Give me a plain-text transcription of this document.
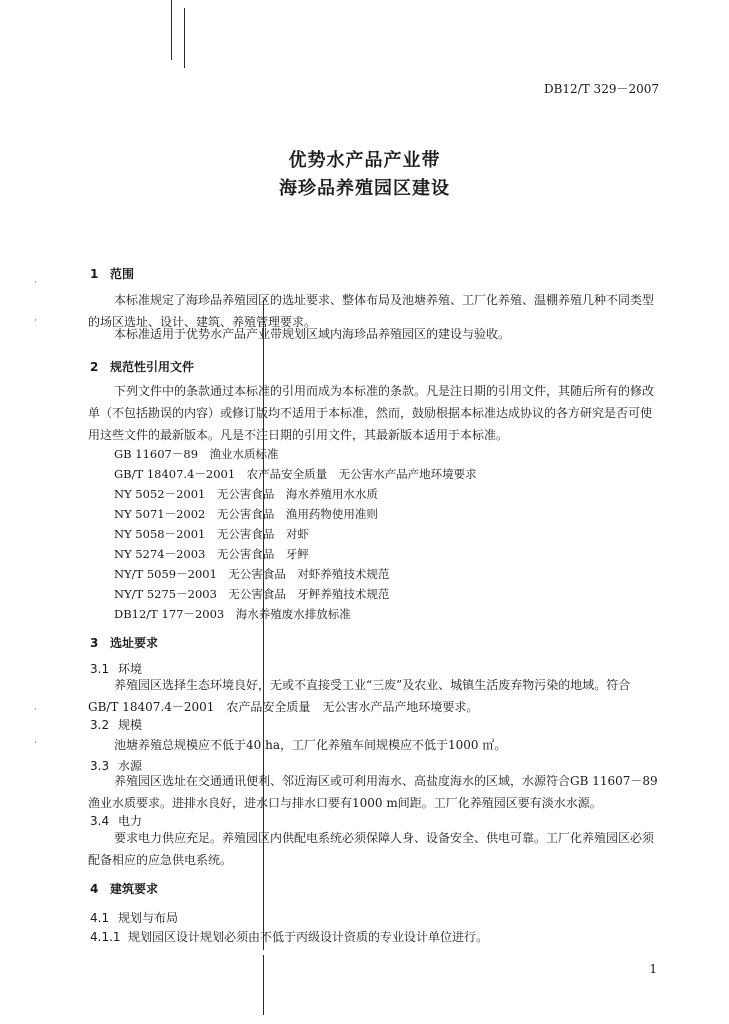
·
·
·
·
DB12/T 329－2007
优势水产品产业带
海珍品养殖园区建设
1 范围
本标准规定了海珍品养殖园区的选址要求、整体布局及池塘养殖、工厂化养殖、温棚养殖几种不同类型的场区选址、设计、建筑、养殖管理要求。
本标准适用于优势水产品产业带规划区域内海珍品养殖园区的建设与验收。
2 规范性引用文件
下列文件中的条款通过本标准的引用而成为本标准的条款。凡是注日期的引用文件，其随后所有的修改单（不包括勘误的内容）或修订版均不适用于本标准，然而，鼓励根据本标准达成协议的各方研究是否可使用这些文件的最新版本。凡是不注日期的引用文件，其最新版本适用于本标准。
GB 11607－89　渔业水质标准
GB/T 18407.4－2001　农产品安全质量　无公害水产品产地环境要求
NY 5052－2001　无公害食品　海水养殖用水水质
NY 5071－2002　无公害食品　渔用药物使用准则
NY 5058－2001　无公害食品　对虾
NY 5274－2003　无公害食品　牙鲆
NY/T 5059－2001　无公害食品　对虾养殖技术规范
NY/T 5275－2003　无公害食品　牙鲆养殖技术规范
DB12/T 177－2003　海水养殖废水排放标准
3 选址要求
3.1 环境
养殖园区选择生态环境良好，无或不直接受工业“三废”及农业、城镇生活废弃物污染的地域。符合GB/T 18407.4－2001　农产品安全质量　无公害水产品产地环境要求。
3.2 规模
池塘养殖总规模应不低于40 ha，工厂化养殖车间规模应不低于1000 ㎡。
3.3 水源
养殖园区选址在交通通讯便利、邻近海区或可利用海水、高盐度海水的区域，水源符合GB 11607－89 渔业水质要求。进排水良好，进水口与排水口要有1000 m间距。工厂化养殖园区要有淡水水源。
3.4 电力
要求电力供应充足。养殖园区内供配电系统必须保障人身、设备安全、供电可靠。工厂化养殖园区必须配备相应的应急供电系统。
4 建筑要求
4.1 规划与布局
4.1.1 规划园区设计规划必须由不低于丙级设计资质的专业设计单位进行。
1
